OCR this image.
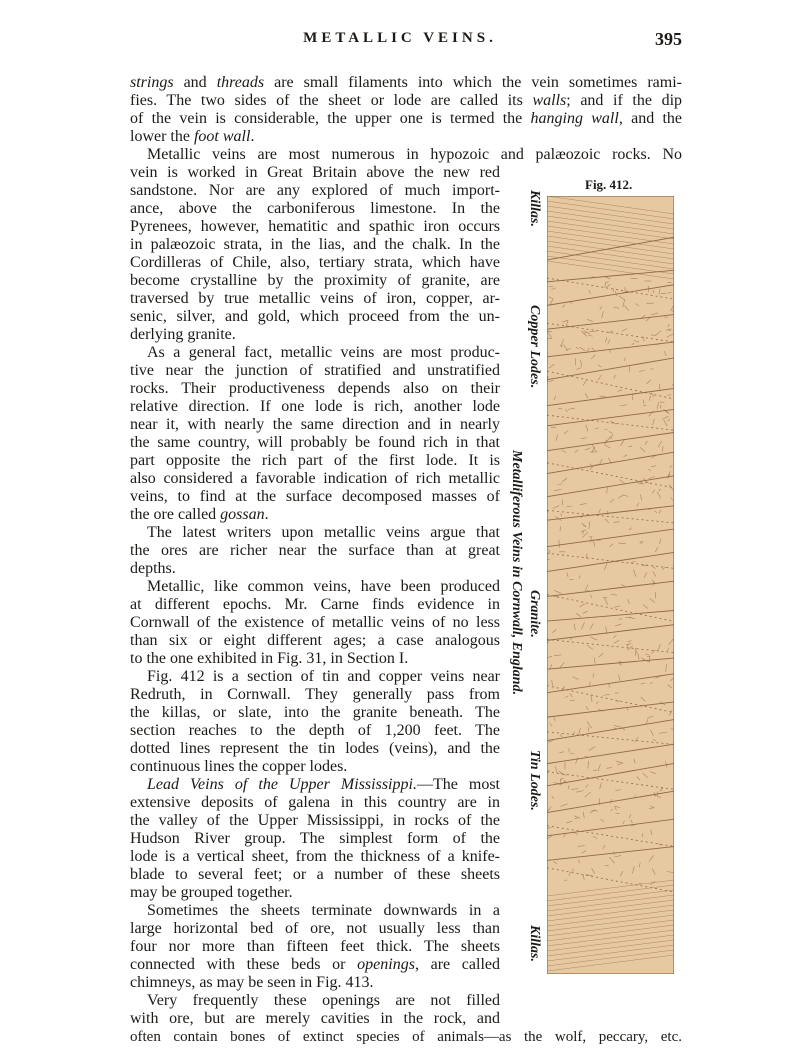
METALLIC VEINS.	395
strings and threads are small filaments into which the vein sometimes rami-
fies. The two sides of the sheet or lode are called its walls; and if the dip
of the vein is considerable, the upper one is termed the hanging wall, and the
lower the foot wall.
Metallic veins are most numerous in hypozoic and palæozoic rocks. No
vein is worked in Great Britain above the new red
sandstone. Nor are any explored of much import-
ance, above the carboniferous limestone. In the
Pyrenees, however, hematitic and spathic iron occurs
in palæozoic strata, in the lias, and the chalk. In the
Cordilleras of Chile, also, tertiary strata, which have
become crystalline by the proximity of granite, are
traversed by true metallic veins of iron, copper, ar-
senic, silver, and gold, which proceed from the un-
derlying granite.
As a general fact, metallic veins are most produc-
tive near the junction of stratified and unstratified
rocks. Their productiveness depends also on their
relative direction. If one lode is rich, another lode
near it, with nearly the same direction and in nearly
the same country, will probably be found rich in that
part opposite the rich part of the first lode. It is
also considered a favorable indication of rich metallic
veins, to find at the surface decomposed masses of
the ore called gossan.
The latest writers upon metallic veins argue that
the ores are richer near the surface than at great
depths.
Metallic, like common veins, have been produced
at different epochs. Mr. Carne finds evidence in
Cornwall of the existence of metallic veins of no less
than six or eight different ages; a case analogous
to the one exhibited in Fig. 31, in Section I.
Fig. 412 is a section of tin and copper veins near
Redruth, in Cornwall. They generally pass from
the killas, or slate, into the granite beneath. The
section reaches to the depth of 1,200 feet. The
dotted lines represent the tin lodes (veins), and the
continuous lines the copper lodes.
Lead Veins of the Upper Mississippi.—The most
extensive deposits of galena in this country are in
the valley of the Upper Mississippi, in rocks of the
Hudson River group. The simplest form of the
lode is a vertical sheet, from the thickness of a knife-
blade to several feet; or a number of these sheets
may be grouped together.
Sometimes the sheets terminate downwards in a
large horizontal bed of ore, not usually less than
four nor more than fifteen feet thick. The sheets
connected with these beds or openings, are called
chimneys, as may be seen in Fig. 413.
Very frequently these openings are not filled
with ore, but are merely cavities in the rock, and
often contain bones of extinct species of animals—as the wolf, peccary, etc.
Fig. 412.
Killas.
Copper Lodes.
Metalliferous Veins in Cornwall, England. Granite.
Tin Lodes.
Killas.
